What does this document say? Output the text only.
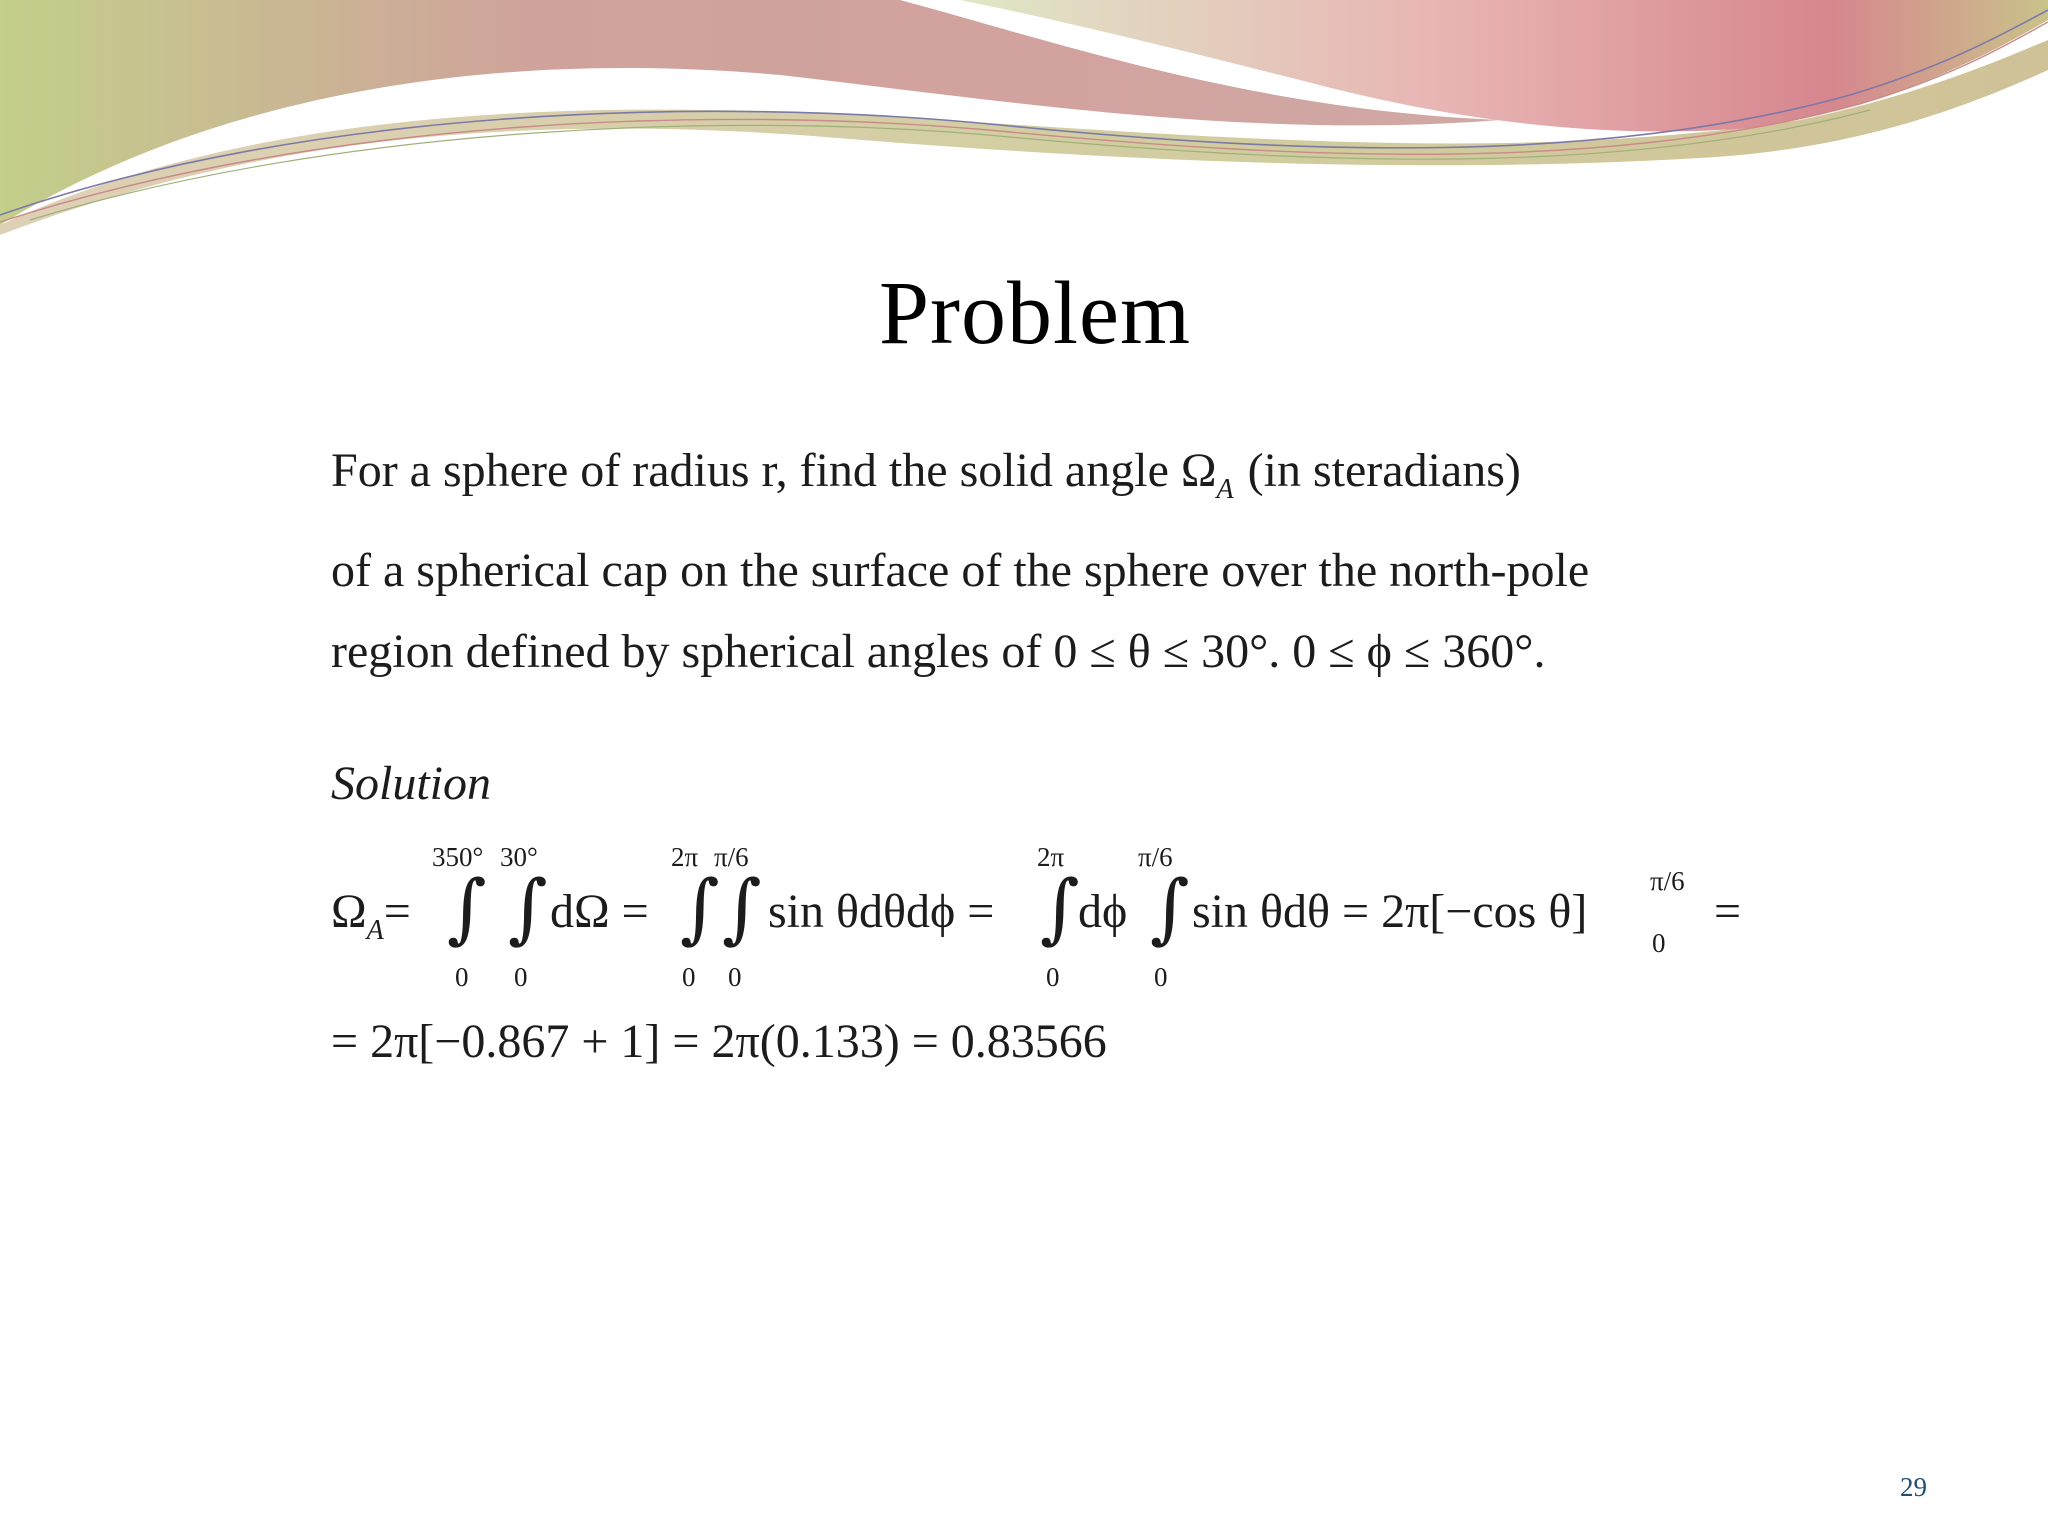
Problem
For a sphere of radius r, find the solid angle $\Omega_A$ (in steradians)
of a spherical cap on the surface of the sphere over the north-pole
region defined by spherical angles of 0 ≤ θ ≤ 30°. 0 ≤ ϕ ≤ 360°.
Solution
$\Omega_A=$
350°
∫
0
30°
∫
0
dΩ =
2π
∫
0
π/6
∫
0
sin θdθdϕ =
2π
∫
0
dϕ
π/6
∫
0
sin θdθ = 2π[−cos θ]
π/6
0
=
= 2π[−0.867 + 1] = 2π(0.133) = 0.83566
29
